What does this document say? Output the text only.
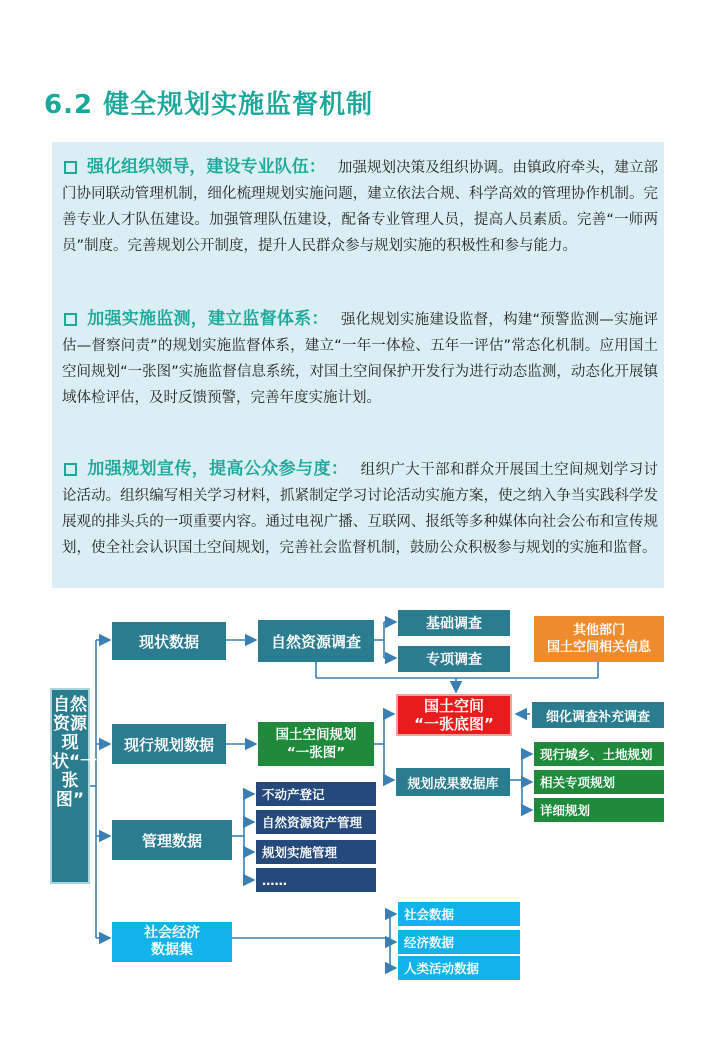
6.2 健全规划实施监督机制
强化组织领导，建设专业队伍： 加强规划决策及组织协调。由镇政府牵头，建立部门协同联动管理机制，细化梳理规划实施问题，建立依法合规、科学高效的管理协作机制。完善专业人才队伍建设。加强管理队伍建设，配备专业管理人员，提高人员素质。完善“一师两员”制度。完善规划公开制度，提升人民群众参与规划实施的积极性和参与能力。
加强实施监测，建立监督体系： 强化规划实施建设监督，构建“预警监测—实施评估—督察问责”的规划实施监督体系，建立“一年一体检、五年一评估”常态化机制。应用国土空间规划“一张图”实施监督信息系统，对国土空间保护开发行为进行动态监测，动态化开展镇域体检评估，及时反馈预警，完善年度实施计划。
加强规划宣传，提高公众参与度： 组织广大干部和群众开展国土空间规划学习讨论活动。组织编写相关学习材料，抓紧制定学习讨论活动实施方案，使之纳入争当实践科学发展观的排头兵的一项重要内容。通过电视广播、互联网、报纸等多种媒体向社会公布和宣传规划，使全社会认识国土空间规划，完善社会监督机制，鼓励公众积极参与规划的实施和监督。
自然资源现状“一张图”
现状数据	自然资源调查
基础调查
专项调查
其他部门
国土空间相关信息
现行规划数据
国土空间规划
“一张图”
国土空间
“一张底图”	细化调查补充调查
规划成果数据库
现行城乡、土地规划
相关专项规划
详细规划
管理数据
不动产登记
自然资源资产管理
规划实施管理
……
社会经济
数据集
社会数据
经济数据
人类活动数据
